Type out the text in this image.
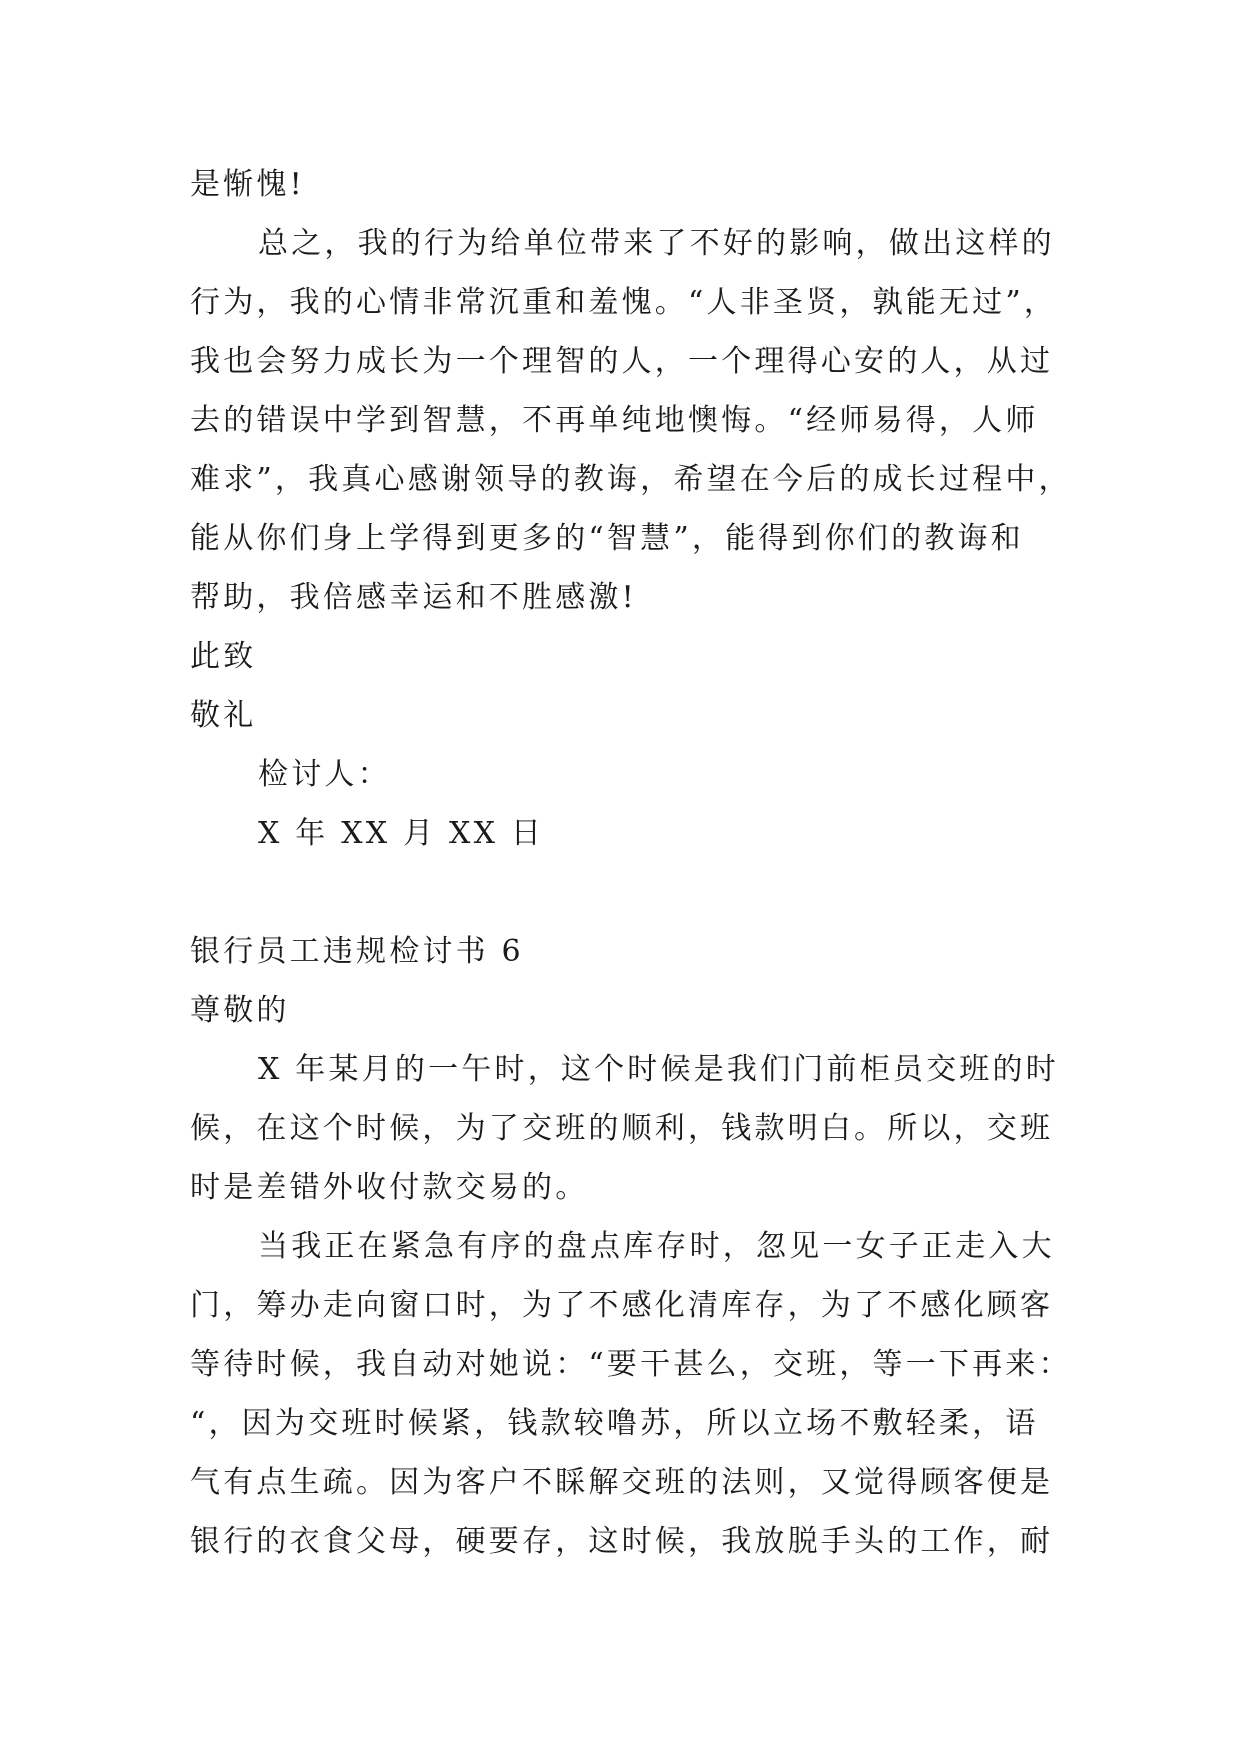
是惭愧!
总之，我的行为给单位带来了不好的影响，做出这样的
行为，我的心情非常沉重和羞愧。“人非圣贤，孰能无过”，
我也会努力成长为一个理智的人，一个理得心安的人，从过
去的错误中学到智慧，不再单纯地懊悔。“经师易得，人师
难求”，我真心感谢领导的教诲，希望在今后的成长过程中，
能从你们身上学得到更多的“智慧”，能得到你们的教诲和
帮助，我倍感幸运和不胜感激!
此致
敬礼
检讨人：
X 年 XX 月 XX 日
银行员工违规检讨书 6
尊敬的
X 年某月的一午时，这个时候是我们门前柜员交班的时
候，在这个时候，为了交班的顺利，钱款明白。所以，交班
时是差错外收付款交易的。
当我正在紧急有序的盘点库存时，忽见一女子正走入大
门，筹办走向窗口时，为了不感化清库存，为了不感化顾客
等待时候，我自动对她说：“要干甚么，交班，等一下再来：
“，因为交班时候紧，钱款较噜苏，所以立场不敷轻柔，语
气有点生疏。因为客户不睬解交班的法则，又觉得顾客便是
银行的衣食父母，硬要存，这时候，我放脱手头的工作，耐
